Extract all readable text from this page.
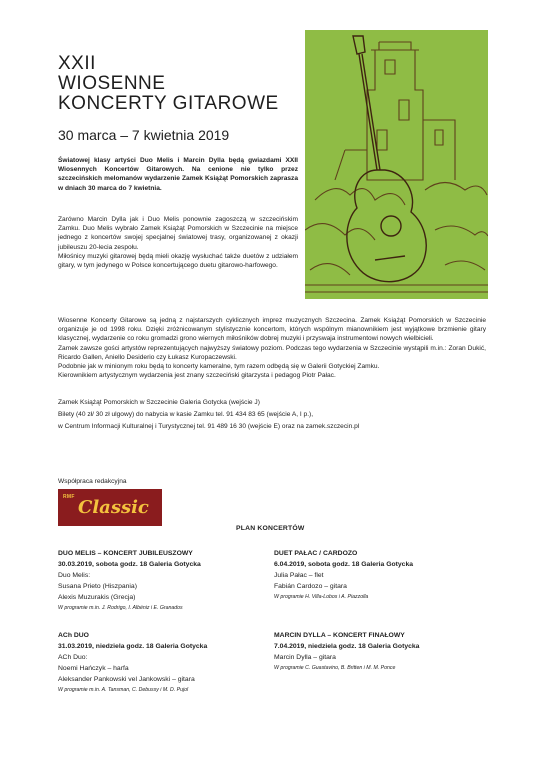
XXII
WIOSENNE
KONCERTY GITAROWE
30 marca – 7 kwietnia 2019
Światowej klasy artyści Duo Melis i Marcin Dylla będą gwiazdami XXII Wiosennych Koncertów Gitarowych. Na cenione nie tylko przez szczecińskich melomanów wydarzenie Zamek Książąt Pomorskich zaprasza w dniach 30 marca do 7 kwietnia.
Zarówno Marcin Dylla jak i Duo Melis ponownie zagoszczą w szczecińskim Zamku. Duo Melis wybrało Zamek Książąt Pomorskich w Szczecinie na miejsce jednego z koncertów swojej specjalnej światowej trasy, organizowanej z okazji jubileuszu 20-lecia zespołu.
Miłośnicy muzyki gitarowej będą mieli okazję wysłuchać także duetów z udziałem gitary, w tym jedynego w Polsce koncertującego duetu gitarowo-harfowego.
Wiosenne Koncerty Gitarowe są jedną z najstarszych cyklicznych imprez muzycznych Szczecina. Zamek Książąt Pomorskich w Szczecinie organizuje je od 1998 roku. Dzięki zróżnicowanym stylistycznie koncertom, których wspólnym mianownikiem jest wyjątkowe brzmienie gitary klasycznej, wydarzenie co roku gromadzi grono wiernych miłośników dobrej muzyki i przyswaja instrumentowi nowych wielbicieli.
Zamek zawsze gości artystów reprezentujących najwyższy światowy poziom. Podczas tego wydarzenia w Szczecinie wystąpili m.in.: Zoran Dukić, Ricardo Gallen, Aniello Desiderio czy Łukasz Kuropaczewski.
Podobnie jak w minionym roku będą to koncerty kameralne, tym razem odbędą się w Galerii Gotyckiej Zamku.
Kierownikiem artystycznym wydarzenia jest znany szczeciński gitarzysta i pedagog Piotr Pałac.
Zamek Książąt Pomorskich w Szczecinie Galeria Gotycka (wejście J)
Bilety (40 zł/ 30 zł ulgowy) do nabycia w kasie Zamku tel. 91 434 83 65 (wejście A, I p.),
w Centrum Informacji Kulturalnej i Turystycznej tel. 91 489 16 30 (wejście E) oraz na zamek.szczecin.pl
Współpraca redakcyjna
RMF Classic
PLAN KONCERTÓW
DUO MELIS – KONCERT JUBILEUSZOWY
30.03.2019, sobota godz. 18 Galeria Gotycka
Duo Melis:
Susana Prieto (Hiszpania)
Alexis Muzurakis (Grecja)
W programie m.in. J. Rodrigo, I. Albéniz i E. Granados
DUET PAŁAC / CARDOZO
6.04.2019, sobota godz. 18 Galeria Gotycka
Julia Pałac – flet
Fabián Cardozo – gitara
W programie H. Villa-Lobos i A. Piazzolla
ACh DUO
31.03.2019, niedziela godz. 18 Galeria Gotycka
ACh Duo:
Noemi Hańczyk – harfa
Aleksander Pankowski vel Jankowski – gitara
W programie m.in. A. Tansman, C. Debussy i M. D. Pujol
MARCIN DYLLA – KONCERT FINAŁOWY
7.04.2019, niedziela godz. 18 Galeria Gotycka
Marcin Dylla – gitara
W programie C. Guastavino, B. Britten i M. M. Ponce
